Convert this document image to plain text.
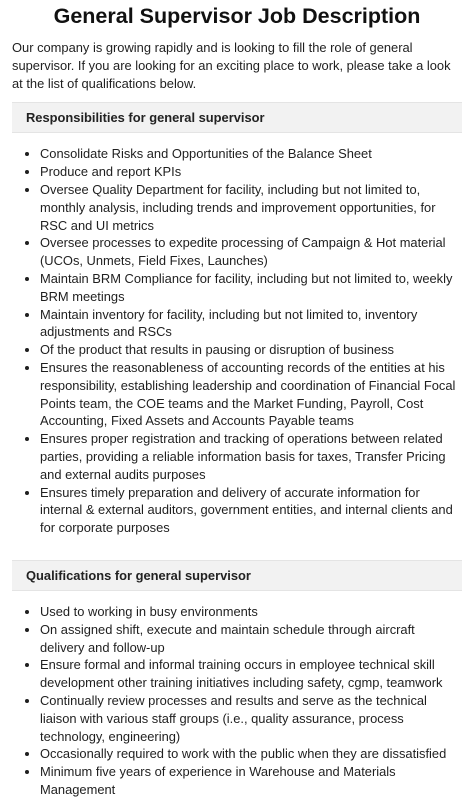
General Supervisor Job Description

Our company is growing rapidly and is looking to fill the role of general supervisor. If you are looking for an exciting place to work, please take a look at the list of qualifications below.

Responsibilities for general supervisor
• Consolidate Risks and Opportunities of the Balance Sheet
• Produce and report KPIs
• Oversee Quality Department for facility, including but not limited to, monthly analysis, including trends and improvement opportunities, for RSC and UI metrics
• Oversee processes to expedite processing of Campaign & Hot material (UCOs, Unmets, Field Fixes, Launches)
• Maintain BRM Compliance for facility, including but not limited to, weekly BRM meetings
• Maintain inventory for facility, including but not limited to, inventory adjustments and RSCs
• Of the product that results in pausing or disruption of business
• Ensures the reasonableness of accounting records of the entities at his responsibility, establishing leadership and coordination of Financial Focal Points team, the COE teams and the Market Funding, Payroll, Cost Accounting, Fixed Assets and Accounts Payable teams
• Ensures proper registration and tracking of operations between related parties, providing a reliable information basis for taxes, Transfer Pricing and external audits purposes
• Ensures timely preparation and delivery of accurate information for internal & external auditors, government entities, and internal clients and for corporate purposes
Qualifications for general supervisor
• Used to working in busy environments
• On assigned shift, execute and maintain schedule through aircraft delivery and follow-up
• Ensure formal and informal training occurs in employee technical skill development other training initiatives including safety, cgmp, teamwork
• Continually review processes and results and serve as the technical liaison with various staff groups (i.e., quality assurance, process technology, engineering)
• Occasionally required to work with the public when they are dissatisfied
• Minimum five years of experience in Warehouse and Materials Management
